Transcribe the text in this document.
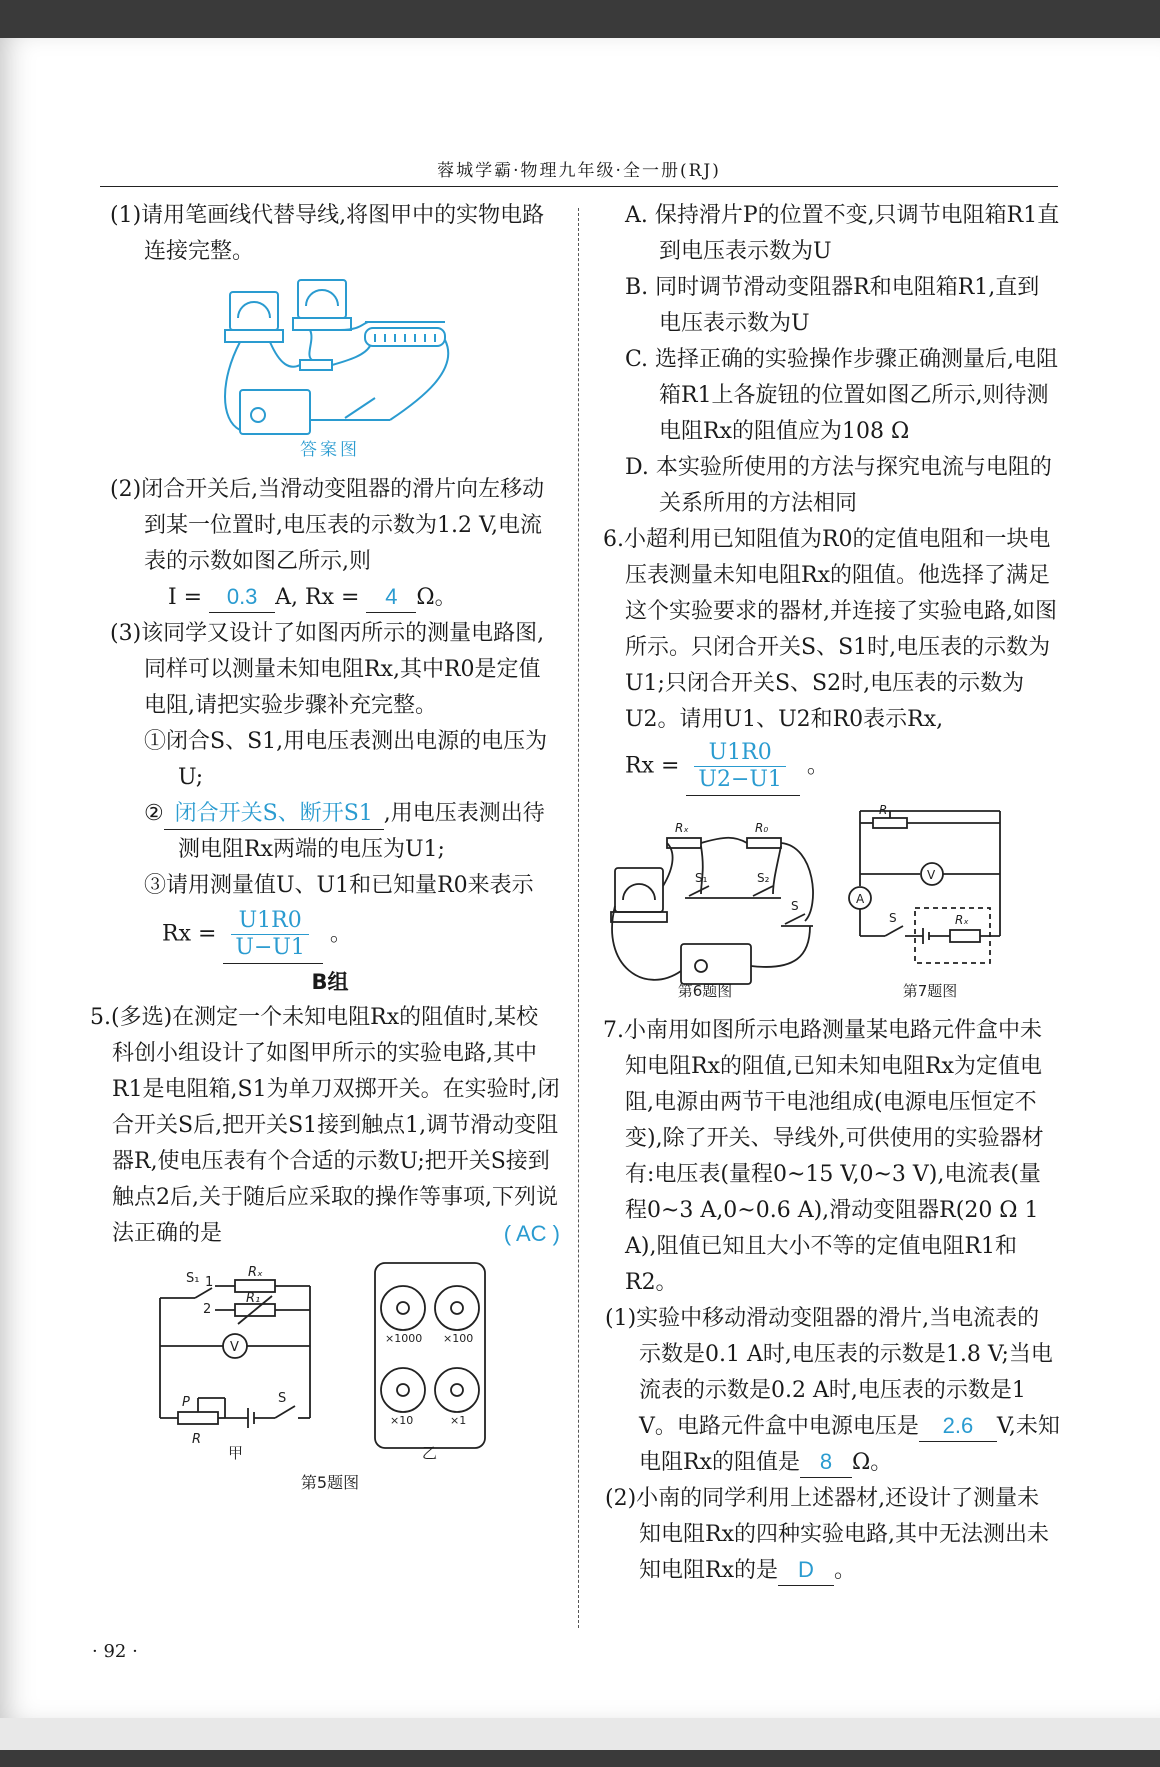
蓉城学霸·物理九年级·全一册(RJ)

(1)请用笔画线代替导线,将图甲中的实物电路连接完整。

答案图

(2)闭合开关后,当滑动变阻器的滑片向左移动到某一位置时,电压表的示数为1.2 V,电流表的示数如图乙所示,则
I = 0.3 A, Rx = 4 Ω。

(3)该同学又设计了如图丙所示的测量电路图,同样可以测量未知电阻Rx,其中R0是定值电阻,请把实验步骤补充完整。

①闭合S、S1,用电压表测出电源的电压为U;

② 闭合开关S、断开S1 ,用电压表测出待测电阻Rx两端的电压为U1;

③请用测量值U、U1和已知量R0来表示

$Rx = \frac{U1R0}{U-U1}$ 。

B组

5.(多选)在测定一个未知电阻Rx的阻值时,某校科创小组设计了如图甲所示的实验电路,其中R1是电阻箱,S1为单刀双掷开关。在实验时,闭合开关S后,把开关S1接到触点1,调节滑动变阻器R,使电压表有个合适的示数U;把开关S接到触点2后,关于随后应采取的操作等事项,下列说法正确的是	( AC )

S₁ 1
2
Rₓ
R₁
V
P
R
S
×1000 ×100
×10	×1
甲	乙
第5题图

A. 保持滑片P的位置不变,只调节电阻箱R1直到电压表示数为U

B. 同时调节滑动变阻器R和电阻箱R1,直到电压表示数为U

C. 选择正确的实验操作步骤正确测量后,电阻箱R1上各旋钮的位置如图乙所示,则待测电阻Rx的阻值应为108 Ω

D. 本实验所使用的方法与探究电流与电阻的关系所用的方法相同

6.小超利用已知阻值为R0的定值电阻和一块电压表测量未知电阻Rx的阻值。他选择了满足这个实验要求的器材,并连接了实验电路,如图所示。只闭合开关S、S1时,电压表的示数为U1;只闭合开关S、S2时,电压表的示数为U2。请用U1、U2和R0表示Rx,

$Rx = \frac{U1R0}{U2-U1}$ 。

Rₓ	R₀
S₁	S₂
S
V
A
R
S	Rₓ
第6题图	第7题图

7.小南用如图所示电路测量某电路元件盒中未知电阻Rx的阻值,已知未知电阻Rx为定值电阻,电源由两节干电池组成(电源电压恒定不变),除了开关、导线外,可供使用的实验器材有:电压表(量程0~15 V,0~3 V),电流表(量程0~3 A,0~0.6 A),滑动变阻器R(20 Ω 1 A),阻值已知且大小不等的定值电阻R1和R2。

(1)实验中移动滑动变阻器的滑片,当电流表的示数是0.1 A时,电压表的示数是1.8 V;当电流表的示数是0.2 A时,电压表的示数是1 V。电路元件盒中电源电压是 2.6 V,未知电阻Rx的阻值是 8 Ω。

(2)小南的同学利用上述器材,还设计了测量未知电阻Rx的四种实验电路,其中无法测出未知电阻Rx的是 D 。

· 92 ·
